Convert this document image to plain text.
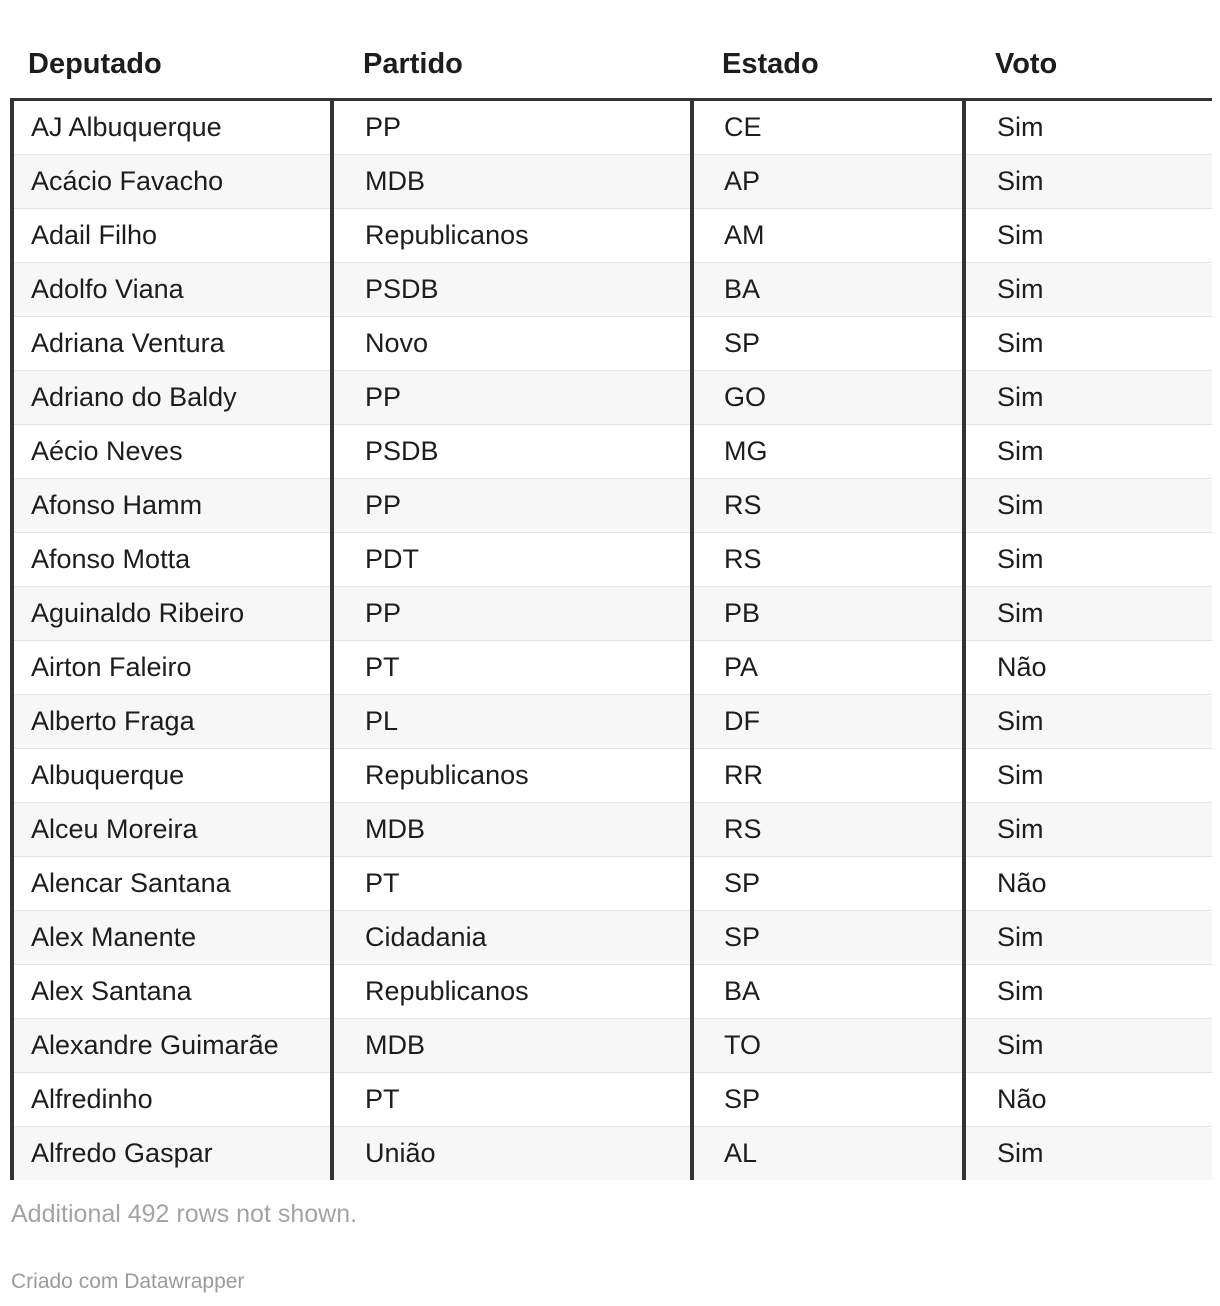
Deputado	Partido	Estado	Voto
AJ Albuquerque	PP	CE	Sim
Acácio Favacho	MDB	AP	Sim
Adail Filho	Republicanos	AM	Sim
Adolfo Viana	PSDB	BA	Sim
Adriana Ventura	Novo	SP	Sim
Adriano do Baldy	PP	GO	Sim
Aécio Neves	PSDB	MG	Sim
Afonso Hamm	PP	RS	Sim
Afonso Motta	PDT	RS	Sim
Aguinaldo Ribeiro	PP	PB	Sim
Airton Faleiro	PT	PA	Não
Alberto Fraga	PL	DF	Sim
Albuquerque	Republicanos	RR	Sim
Alceu Moreira	MDB	RS	Sim
Alencar Santana	PT	SP	Não
Alex Manente	Cidadania	SP	Sim
Alex Santana	Republicanos	BA	Sim
Alexandre Guimarãe	MDB	TO	Sim
Alfredinho	PT	SP	Não
Alfredo Gaspar	União	AL	Sim
Additional 492 rows not shown.
Criado com Datawrapper
